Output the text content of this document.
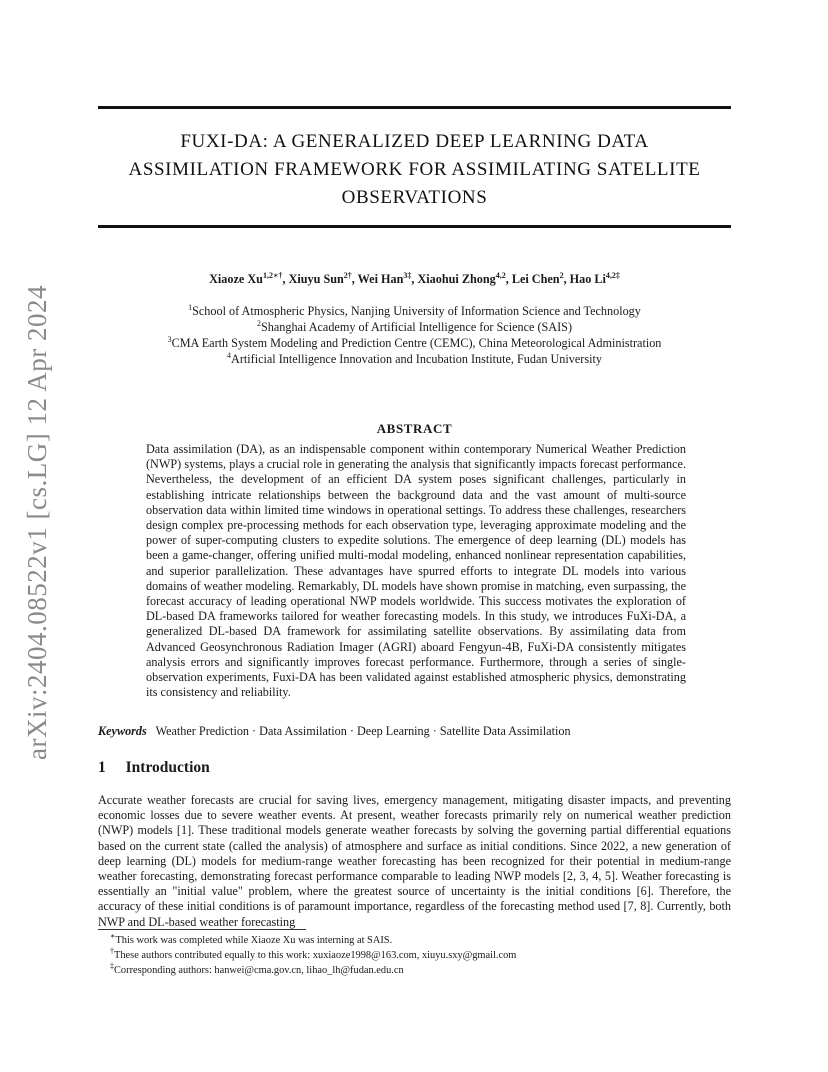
arXiv:2404.08522v1 [cs.LG] 12 Apr 2024
FUXI-DA: A GENERALIZED DEEP LEARNING DATA
ASSIMILATION FRAMEWORK FOR ASSIMILATING SATELLITE
OBSERVATIONS
Xiaoze $Xu^{1,2∗\dagger}$, Xiuyu Sun$^{2\dagger}$, Wei Han$^{3\ddagger}$, Xiaohui Zhong$^{4,2}$, Lei Chen$^2$, Hao $Li^{4,2\ddagger}$
$^1$School of Atmospheric Physics, Nanjing University of Information Science and Technology
$^2$Shanghai Academy of Artificial Intelligence for Science (SAIS)
$^3$CMA Earth System Modeling and Prediction Centre (CEMC), China Meteorological Administration
$^4$Artificial Intelligence Innovation and Incubation Institute, Fudan University
ABSTRACT
Data assimilation (DA), as an indispensable component within contemporary Numerical Weather Prediction (NWP) systems, plays a crucial role in generating the analysis that significantly impacts forecast performance. Nevertheless, the development of an efficient DA system poses significant challenges, particularly in establishing intricate relationships between the background data and the vast amount of multi-source observation data within limited time windows in operational settings. To address these challenges, researchers design complex pre-processing methods for each observation type, leveraging approximate modeling and the power of super-computing clusters to expedite solutions. The emergence of deep learning (DL) models has been a game-changer, offering unified multi-modal modeling, enhanced nonlinear representation capabilities, and superior parallelization. These advantages have spurred efforts to integrate DL models into various domains of weather modeling. Remarkably, DL models have shown promise in matching, even surpassing, the forecast accuracy of leading operational NWP models worldwide. This success motivates the exploration of DL-based DA frameworks tailored for weather forecasting models. In this study, we introduces FuXi-DA, a generalized DL-based DA framework for assimilating satellite observations. By assimilating data from Advanced Geosynchronous Radiation Imager (AGRI) aboard Fengyun-4B, FuXi-DA consistently mitigates analysis errors and significantly improves forecast performance. Furthermore, through a series of single-observation experiments, Fuxi-DA has been validated against established atmospheric physics, demonstrating its consistency and reliability.
Keywords Weather Prediction · Data Assimilation · Deep Learning · Satellite Data Assimilation
1 Introduction
Accurate weather forecasts are crucial for saving lives, emergency management, mitigating disaster impacts, and preventing economic losses due to severe weather events. At present, weather forecasts primarily rely on numerical weather prediction (NWP) models [1]. These traditional models generate weather forecasts by solving the governing partial differential equations based on the current state (called the analysis) of atmosphere and surface as initial conditions. Since 2022, a new generation of deep learning (DL) models for medium-range weather forecasting has been recognized for their potential in medium-range weather forecasting, demonstrating forecast performance comparable to leading NWP models [2, 3, 4, 5]. Weather forecasting is essentially an "initial value" problem, where the greatest source of uncertainty is the initial conditions [6]. Therefore, the accuracy of these initial conditions is of paramount importance, regardless of the forecasting method used [7, 8]. Currently, both NWP and DL-based weather forecasting
∗This work was completed while Xiaoze Xu was interning at SAIS.
†These authors contributed equally to this work: xuxiaoze1998@163.com, xiuyu.sxy@gmail.com
‡Corresponding authors: hanwei@cma.gov.cn, lihao_lh@fudan.edu.cn
